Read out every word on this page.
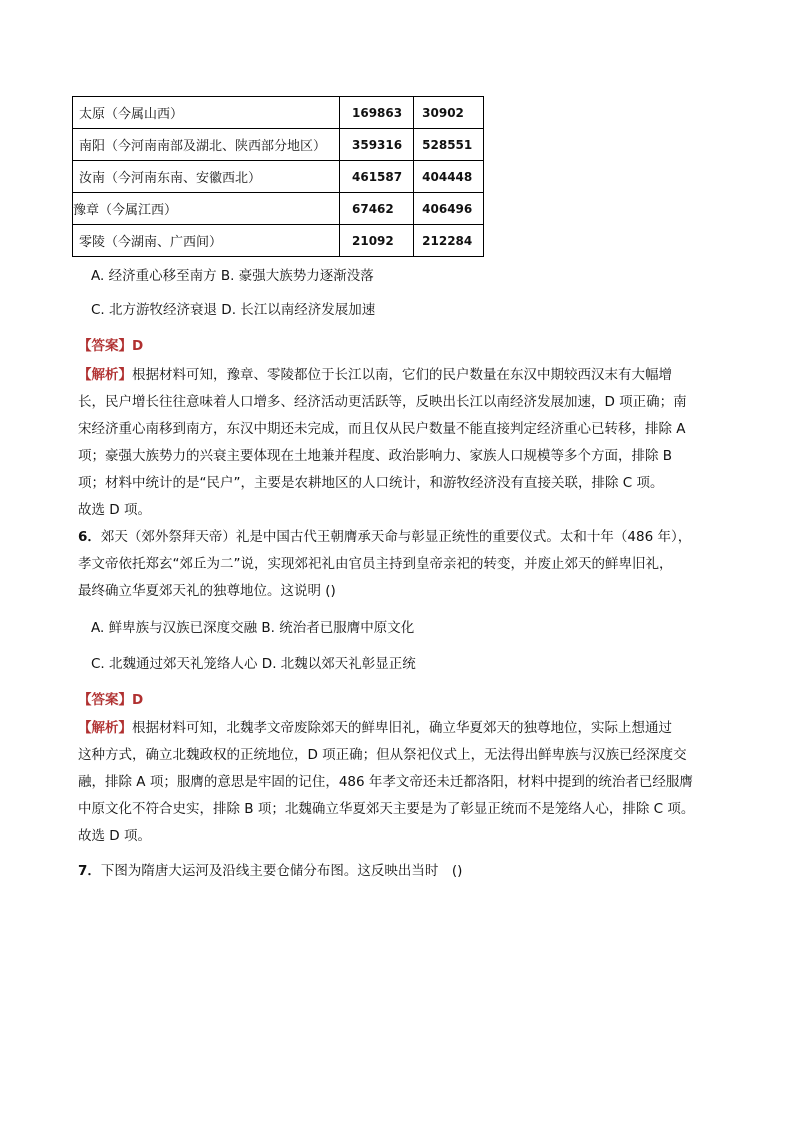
太原（今属山西）	169863	30902
南阳（今河南南部及湖北、陕西部分地区）	359316	528551
汝南（今河南东南、安徽西北）	461587	404448
豫章（今属江西）	67462	406496
零陵（今湖南、广西间）	21092	212284
A. 经济重心移至南方 B. 豪强大族势力逐渐没落
C. 北方游牧经济衰退 D. 长江以南经济发展加速
【答案】D
【解析】根据材料可知，豫章、零陵都位于长江以南，它们的民户数量在东汉中期较西汉末有大幅增
长，民户增长往往意味着人口增多、经济活动更活跃等，反映出长江以南经济发展加速，D 项正确；南
宋经济重心南移到南方，东汉中期还未完成，而且仅从民户数量不能直接判定经济重心已转移，排除 A
项；豪强大族势力的兴衰主要体现在土地兼并程度、政治影响力、家族人口规模等多个方面，排除 B
项；材料中统计的是“民户”，主要是农耕地区的人口统计，和游牧经济没有直接关联，排除 C 项。
故选 D 项。
6．郊天（郊外祭拜天帝）礼是中国古代王朝膺承天命与彰显正统性的重要仪式。太和十年（486 年），
孝文帝依托郑玄“郊丘为二”说，实现郊祀礼由官员主持到皇帝亲祀的转变，并废止郊天的鲜卑旧礼，
最终确立华夏郊天礼的独尊地位。这说明 ()
A. 鲜卑族与汉族已深度交融 B. 统治者已服膺中原文化
C. 北魏通过郊天礼笼络人心 D. 北魏以郊天礼彰显正统
【答案】D
【解析】根据材料可知，北魏孝文帝废除郊天的鲜卑旧礼，确立华夏郊天的独尊地位，实际上想通过
这种方式，确立北魏政权的正统地位，D 项正确；但从祭祀仪式上，无法得出鲜卑族与汉族已经深度交
融，排除 A 项；服膺的意思是牢固的记住，486 年孝文帝还未迁都洛阳，材料中提到的统治者已经服膺
中原文化不符合史实，排除 B 项；北魏确立华夏郊天主要是为了彰显正统而不是笼络人心，排除 C 项。
故选 D 项。
7．下图为隋唐大运河及沿线主要仓储分布图。这反映出当时　()
